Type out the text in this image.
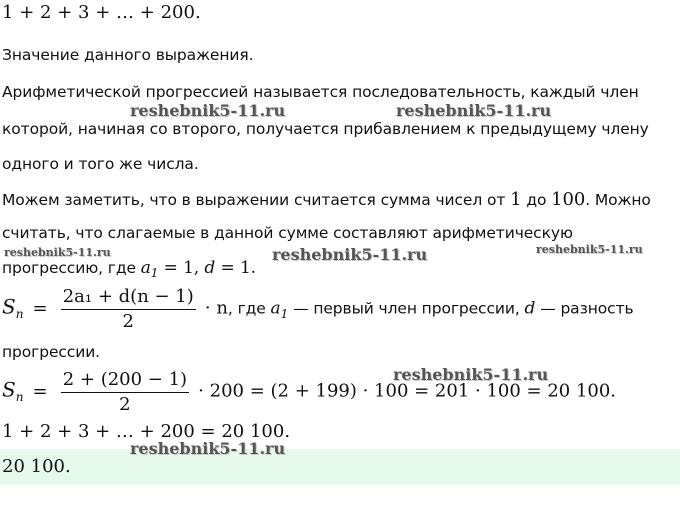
1 + 2 + 3 + … + 200.
Значение данного выражения.
Арифметической прогрессией называется последовательность, каждый член
которой, начиная со второго, получается прибавлением к предыдущему члену
одного и того же числа.
Можем заметить, что в выражении считается сумма чисел от 1 до 100. Можно
считать, что слагаемые в данной сумме составляют арифметическую
прогрессию, где $a_1 = 1$, d = 1.
$S_n = \frac{\text{2a₁ + d(n − 1)}}{2} \cdot n$, где $a_1$ — первый член прогрессии, d — разность
прогрессии.
$S_n = \frac{2 + (200 - 1)}{2} \cdot 200 = (2 + 199) \cdot 100 = 201 \cdot 100 = 20$ 100.
1 + 2 + 3 + … + 200 = 20 100.
20 100.
reshebnik5-11.ru	reshebnik5-11.ru
reshebnik5-11.ru	reshebnik5-11.ru	reshebnik5-11.ru
reshebnik5-11.ru
reshebnik5-11.ru
